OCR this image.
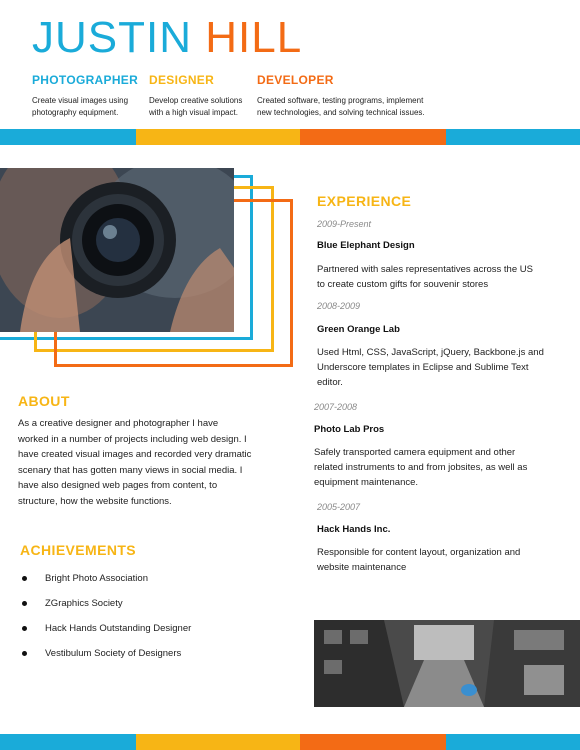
JUSTIN HILL
PHOTOGRAPHER
Create visual images using
photography equipment.
DESIGNER
Develop creative solutions
with a high visual impact.
DEVELOPER
Created software, testing programs, implement
new technologies, and solving technical issues.
EXPERIENCE
2009-Present
Blue Elephant Design
Partnered with sales representatives across the US
to create custom gifts for souvenir stores
2008-2009
Green Orange Lab
Used Html, CSS, JavaScript, jQuery, Backbone.js and
Underscore templates in Eclipse and Sublime Text
editor.
2007-2008
Photo Lab Pros
Safely transported camera equipment and other
related instruments to and from jobsites, as well as
equipment maintenance.
2005-2007
Hack Hands Inc.
Responsible for content layout, organization and
website maintenance
ABOUT
As a creative designer and photographer I have
worked in a number of projects including web design. I
have created visual images and recorded very dramatic
scenary that has gotten many views in social media. I
have also designed web pages from content, to
structure, how the website functions.
ACHIEVEMENTS
Bright Photo Association
ZGraphics Society
Hack Hands Outstanding Designer
Vestibulum Society of Designers
